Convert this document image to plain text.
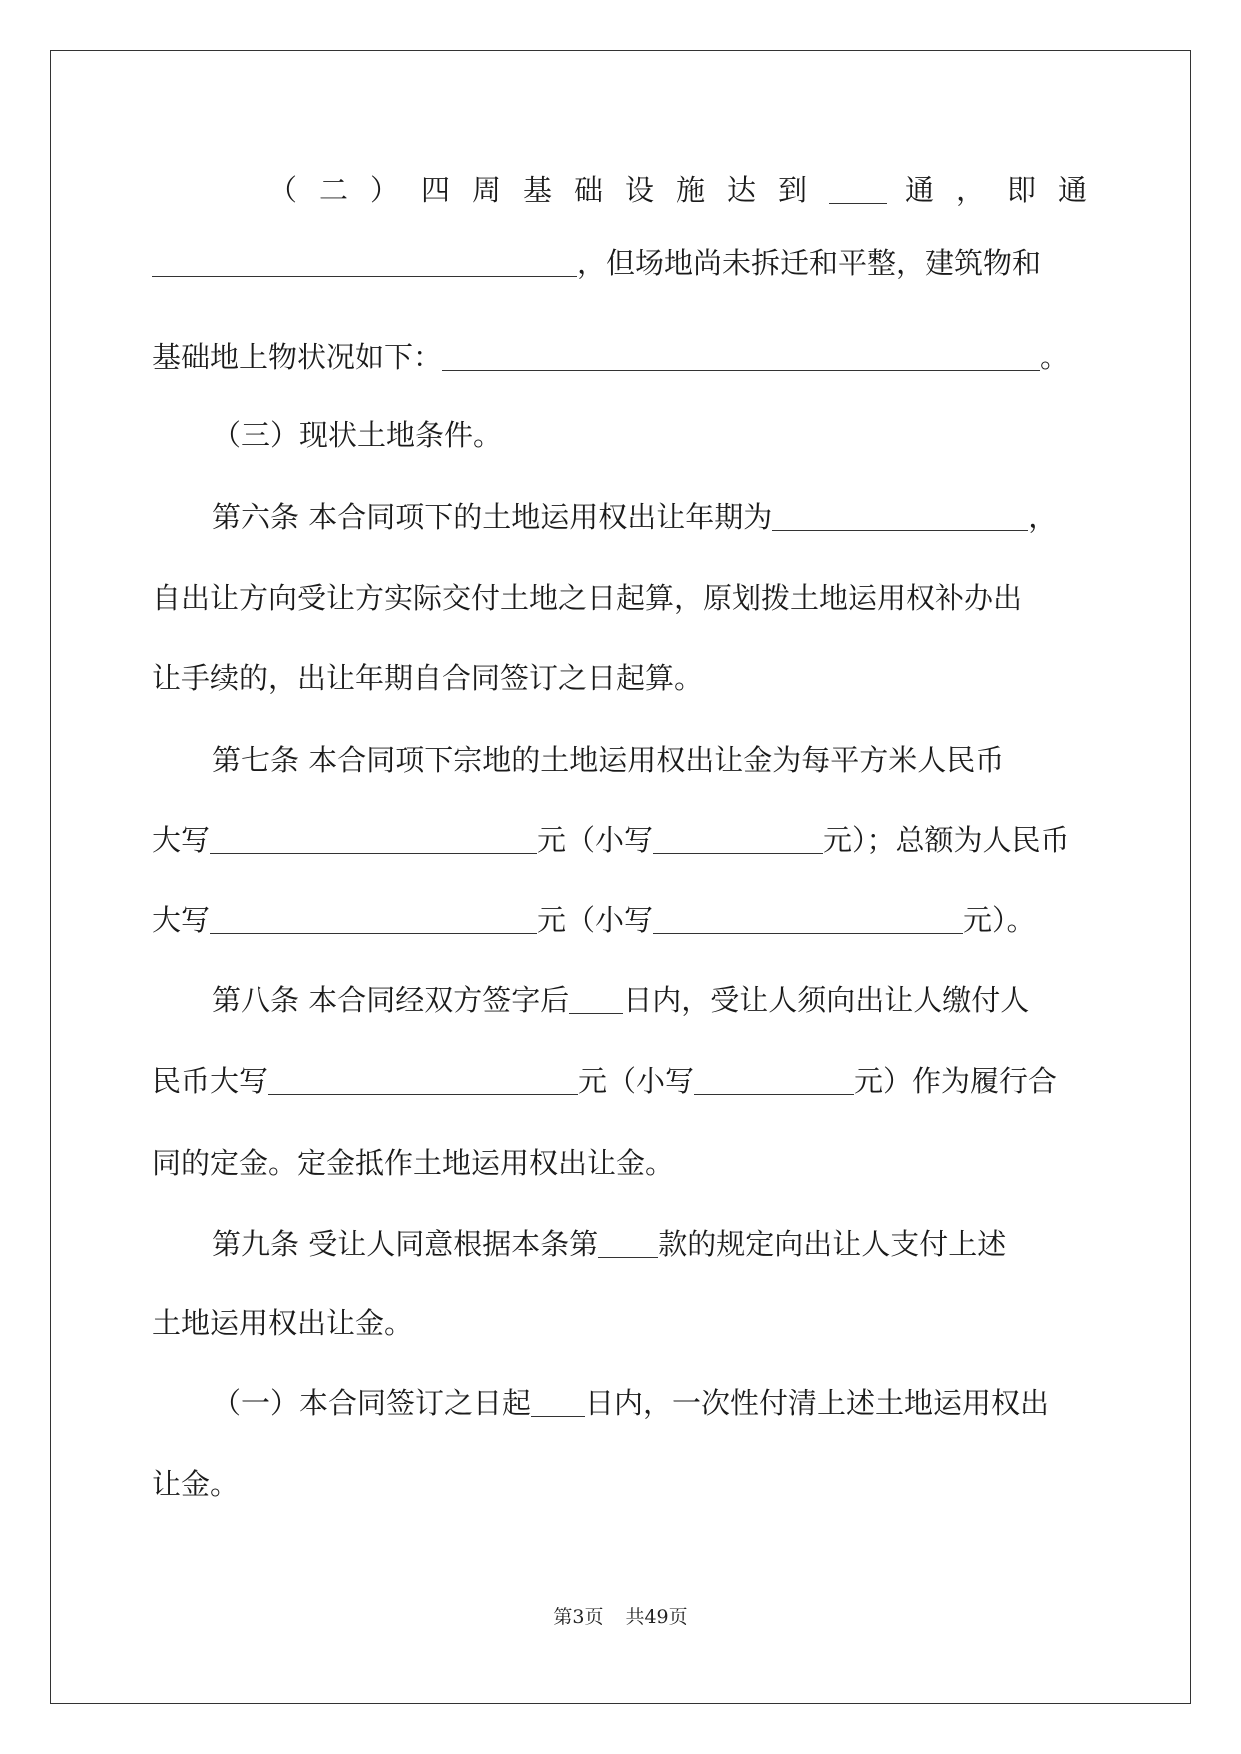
（二）四周基础设施达到	通，即通

，但场地尚未拆迁和平整，建筑物和

基础地上物状况如下：	。

（三）现状土地条件。

第六条 本合同项下的土地运用权出让年期为	，

自出让方向受让方实际交付土地之日起算，原划拨土地运用权补办出

让手续的，出让年期自合同签订之日起算。

第七条 本合同项下宗地的土地运用权出让金为每平方米人民币

大写	元（小写	元）；总额为人民币

大写	元（小写	元）。

第八条 本合同经双方签字后 日内，受让人须向出让人缴付人

民币大写	元（小写	元）作为履行合

同的定金。定金抵作土地运用权出让金。

第九条 受让人同意根据本条第 款的规定向出让人支付上述

土地运用权出让金。

（一）本合同签订之日起 日内，一次性付清上述土地运用权出

让金。

第3页 共49页
